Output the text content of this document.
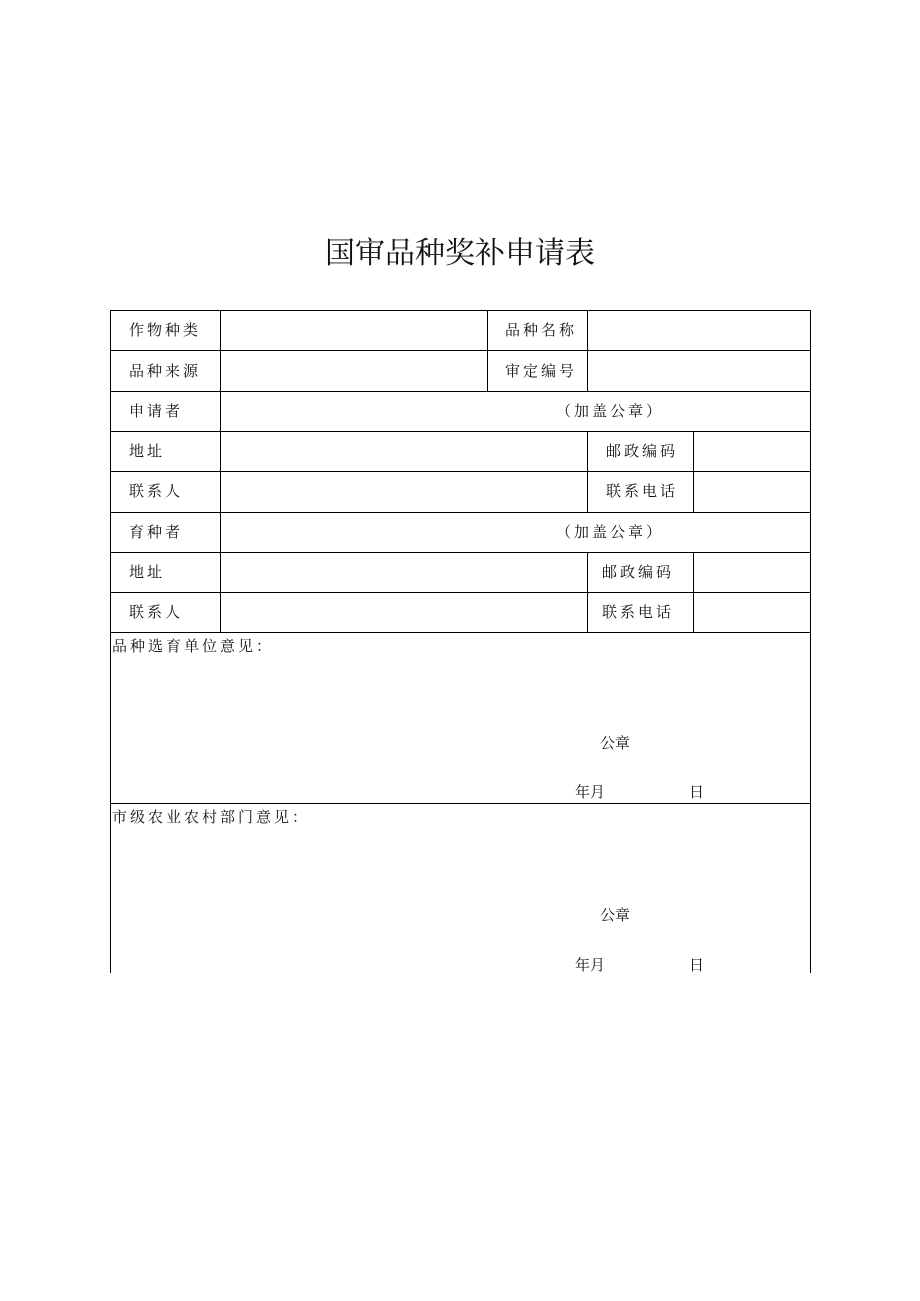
国审品种奖补申请表
作物种类	品种名称
品种来源	审定编号
申请者	（加盖公章）
地址	邮政编码
联系人	联系电话
育种者	（加盖公章）
地址	邮政编码
联系人	联系电话
品种选育单位意见：
公章
年月	日
市级农业农村部门意见：
公章
年月	日
